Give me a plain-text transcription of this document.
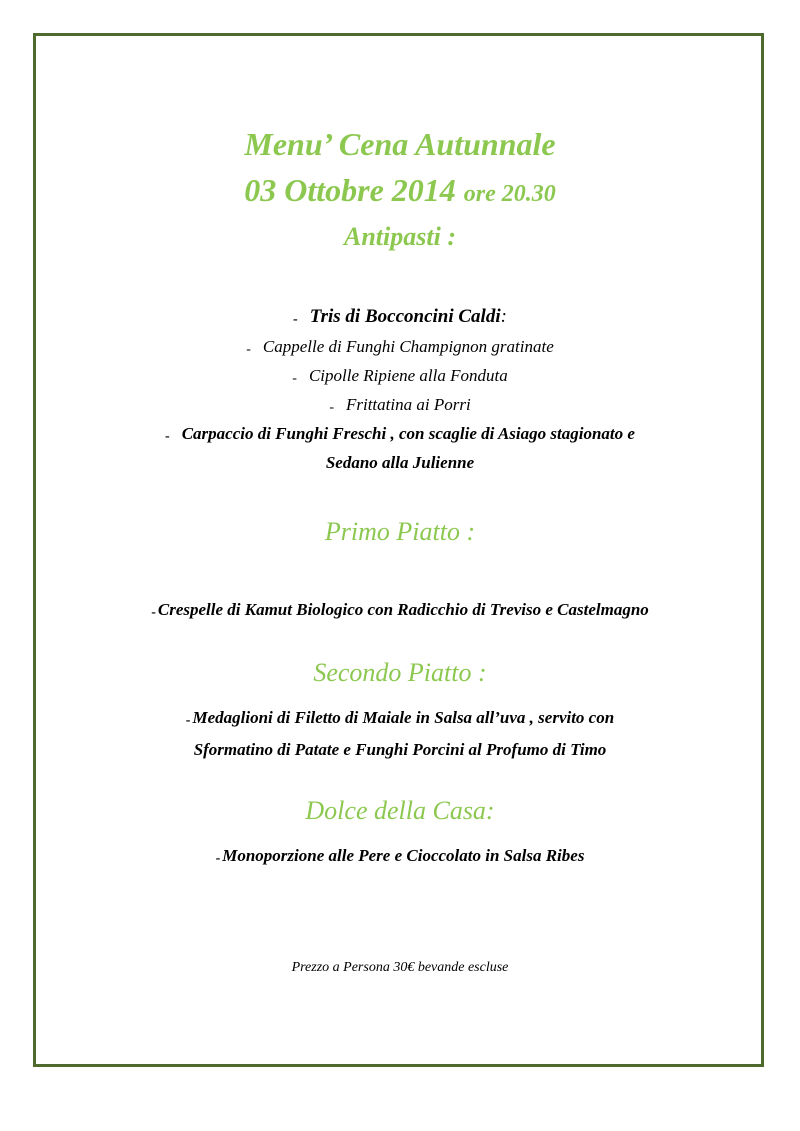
Menu’ Cena Autunnale
03 Ottobre 2014 ore 20.30
Antipasti :
- Tris di Bocconcini Caldi:
- Cappelle di Funghi Champignon gratinate
- Cipolle Ripiene alla Fonduta
- Frittatina ai Porri
- Carpaccio di Funghi Freschi , con scaglie di Asiago stagionato e
Sedano alla Julienne
Primo Piatto :
- Crespelle di Kamut Biologico con Radicchio di Treviso e Castelmagno
Secondo Piatto :
- Medaglioni di Filetto di Maiale in Salsa all’uva , servito con
Sformatino di Patate e Funghi Porcini al Profumo di Timo
Dolce della Casa:
- Monoporzione alle Pere e Cioccolato in Salsa Ribes
Prezzo a Persona 30€ bevande escluse
